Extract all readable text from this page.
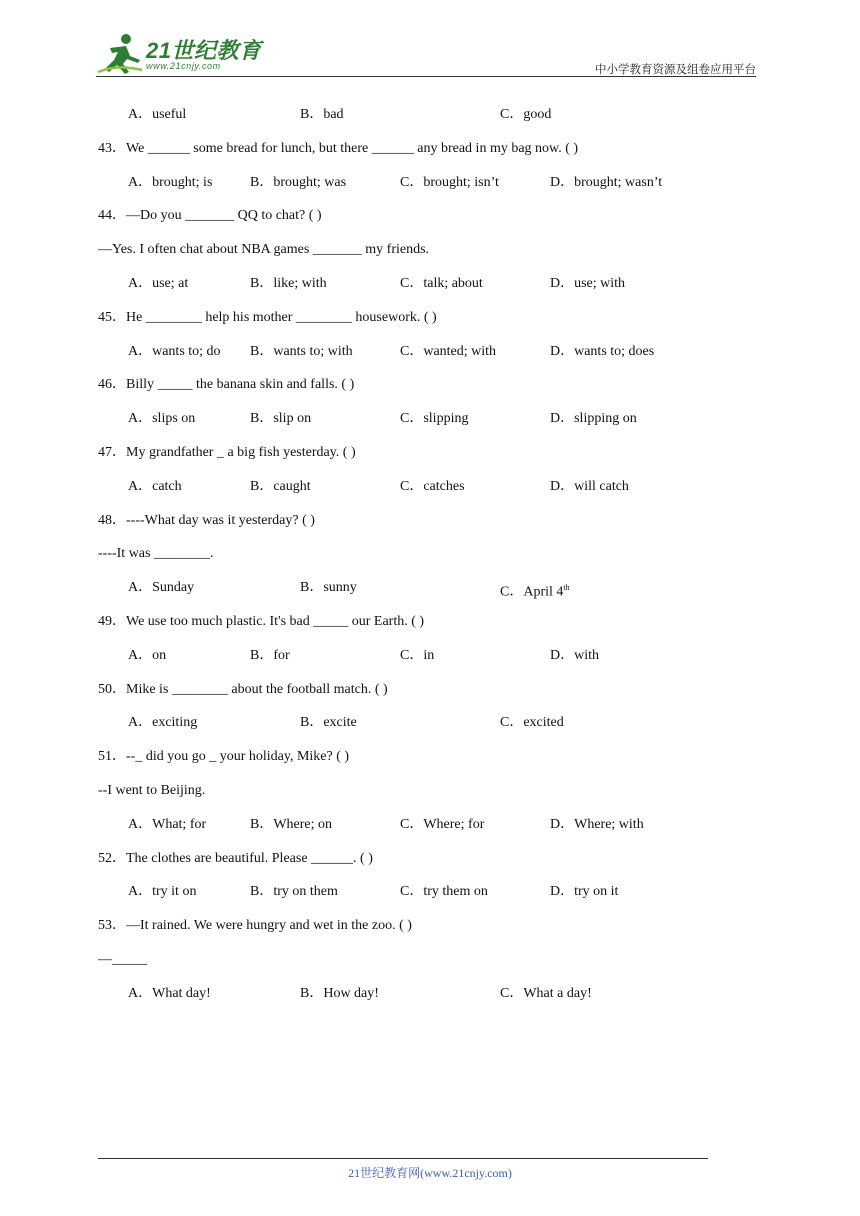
21世纪教育
www.21cnjy.com	中小学教育资源及组卷应用平台
A．useful	B．bad	C．good
43．We ______ some bread for lunch, but there ______ any bread in my bag now. ( )
A．brought; is	B．brought; was	C．brought; isn’t	D．brought; wasn’t
44．—Do you _______ QQ to chat? ( )
—Yes. I often chat about NBA games _______ my friends.
A．use; at	B．like; with	C．talk; about	D．use; with
45．He ________ help his mother ________ housework. ( )
A．wants to; do B．wants to; with	C．wanted; with	D．wants to; does
46．Billy _____ the banana skin and falls. ( )
A．slips on	B．slip on	C．slipping	D．slipping on
47．My grandfather _ a big fish yesterday. ( )
A．catch	B．caught	C．catches	D．will catch
48．----What day was it yesterday? ( )
----It was ________.
A．Sunday	B．sunny	C．April 4th
49．We use too much plastic. It's bad _____ our Earth. ( )
A．on	B．for	C．in	D．with
50．Mike is ________ about the football match. ( )
A．exciting	B．excite	C．excited
51．--_ did you go _ your holiday, Mike? ( )
--I went to Beijing.
A．What; for	B．Where; on	C．Where; for	D．Where; with
52．The clothes are beautiful. Please ______. ( )
A．try it on	B．try on them	C．try them on	D．try on it
53．—It rained. We were hungry and wet in the zoo. ( )
—_____
A．What day!	B．How day!	C．What a day!
21世纪教育网(www.21cnjy.com)
